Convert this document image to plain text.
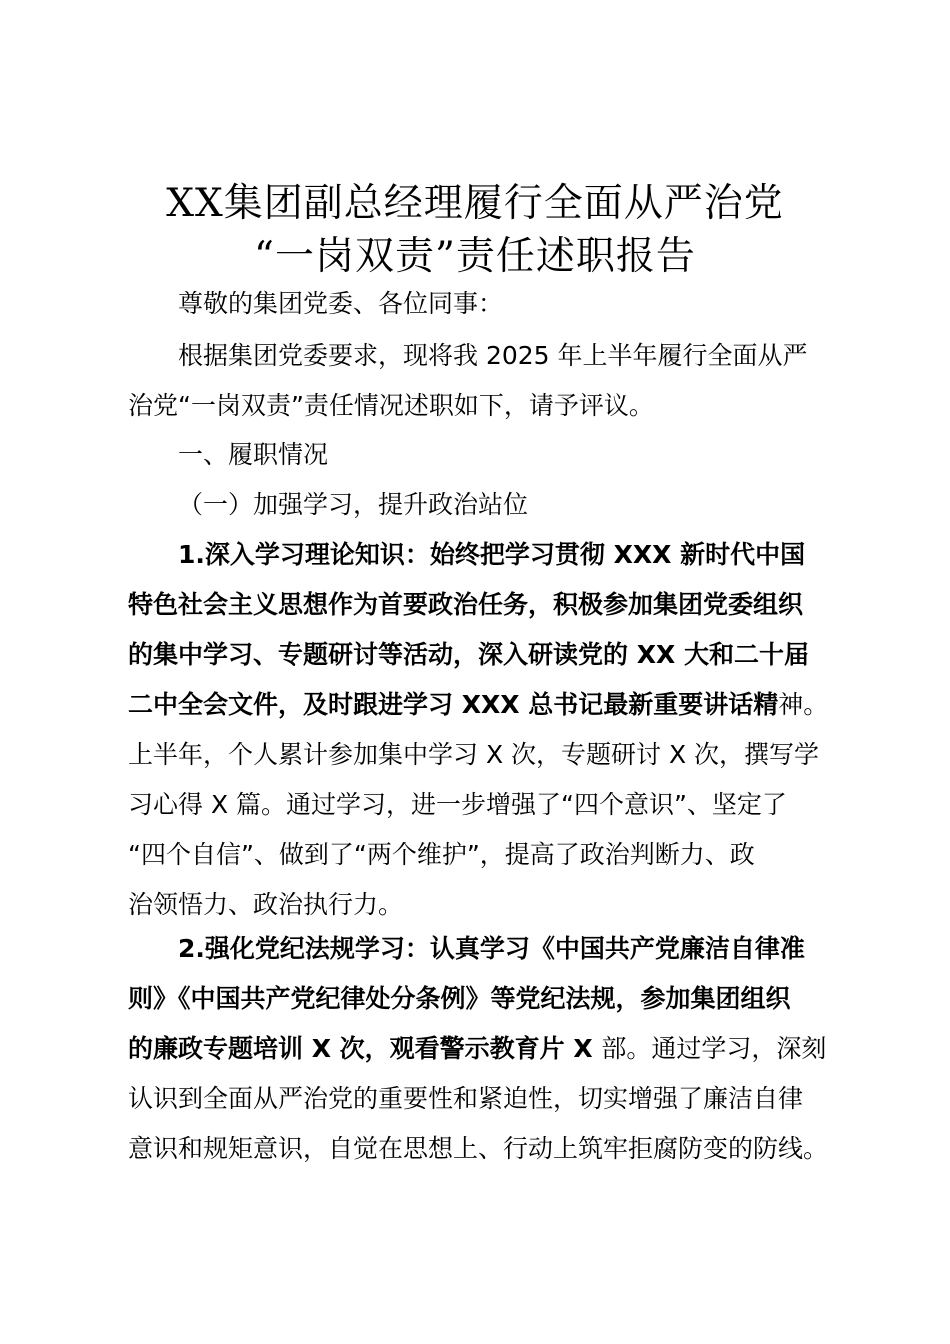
XX集团副总经理履行全面从严治党
“一岗双责”责任述职报告
尊敬的集团党委、各位同事：
根据集团党委要求，现将我 2025 年上半年履行全面从严
治党“一岗双责”责任情况述职如下，请予评议。
一、履职情况
（一）加强学习，提升政治站位
1.深入学习理论知识：始终把学习贯彻 XXX 新时代中国
特色社会主义思想作为首要政治任务，积极参加集团党委组织
的集中学习、专题研讨等活动，深入研读党的 XX 大和二十届
二中全会文件，及时跟进学习 XXX 总书记最新重要讲话精神。
上半年，个人累计参加集中学习 X 次，专题研讨 X 次，撰写学
习心得 X 篇。通过学习，进一步增强了“四个意识”、坚定了
“四个自信”、做到了“两个维护”，提高了政治判断力、政
治领悟力、政治执行力。
2.强化党纪法规学习：认真学习《中国共产党廉洁自律准
则》《中国共产党纪律处分条例》等党纪法规，参加集团组织
的廉政专题培训 X 次，观看警示教育片 X 部。通过学习，深刻
认识到全面从严治党的重要性和紧迫性，切实增强了廉洁自律
意识和规矩意识，自觉在思想上、行动上筑牢拒腐防变的防线。
